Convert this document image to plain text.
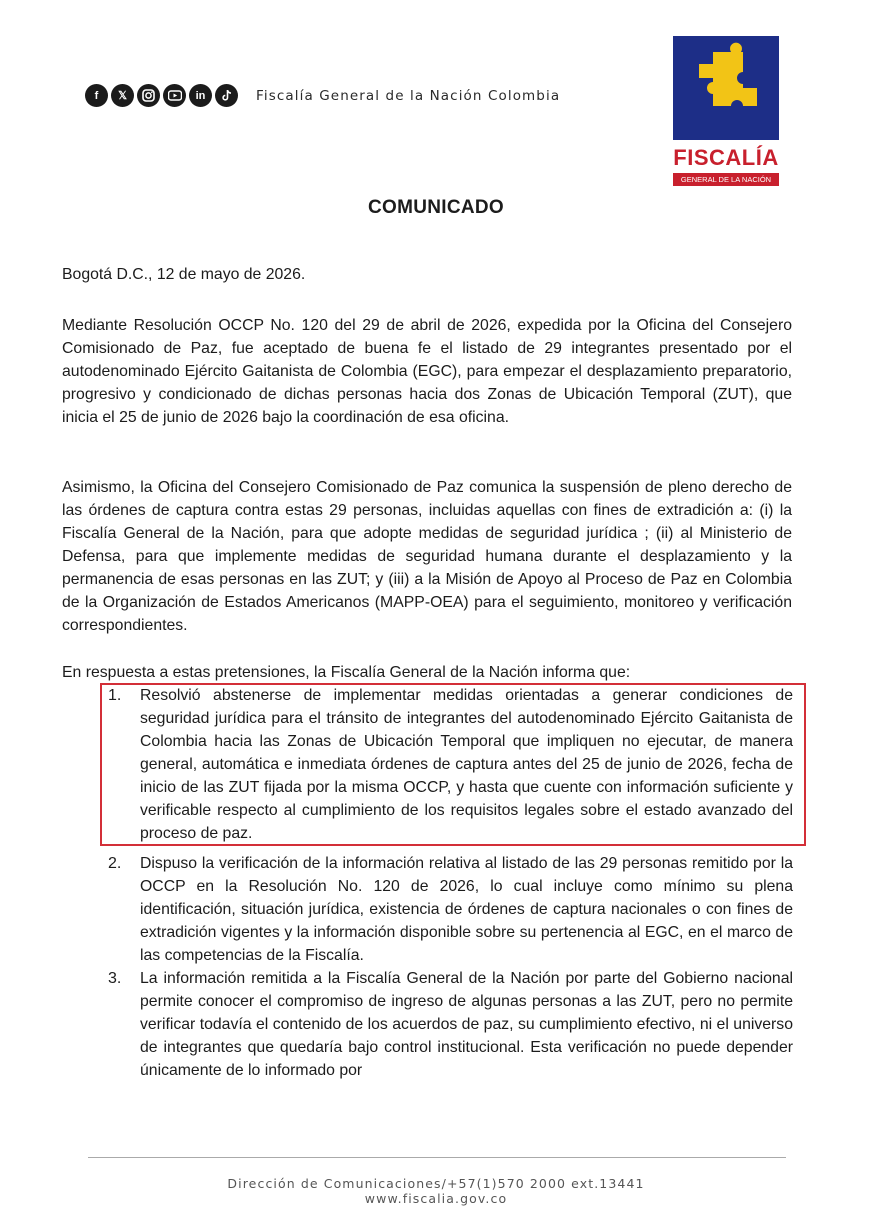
f	𝕏	in	Fiscalía General de la Nación Colombia
FISCALÍA
GENERAL DE LA NACIÓN
COMUNICADO
Bogotá D.C., 12 de mayo de 2026.

Mediante Resolución OCCP No. 120 del 29 de abril de 2026, expedida por la Oficina del Consejero Comisionado de Paz, fue aceptado de buena fe el listado de 29 integrantes presentado por el autodenominado Ejército Gaitanista de Colombia (EGC), para empezar el desplazamiento preparatorio, progresivo y condicionado de dichas personas hacia dos Zonas de Ubicación Temporal (ZUT), que inicia el 25 de junio de 2026 bajo la coordinación de esa oficina.

Asimismo, la Oficina del Consejero Comisionado de Paz comunica la suspensión de pleno derecho de las órdenes de captura contra estas 29 personas, incluidas aquellas con fines de extradición a: (i) la Fiscalía General de la Nación, para que adopte medidas de seguridad jurídica ; (ii) al Ministerio de Defensa, para que implemente medidas de seguridad humana durante el desplazamiento y la permanencia de esas personas en las ZUT; y (iii) a la Misión de Apoyo al Proceso de Paz en Colombia de la Organización de Estados Americanos (MAPP-OEA) para el seguimiento, monitoreo y verificación correspondientes.

En respuesta a estas pretensiones, la Fiscalía General de la Nación informa que:

1. Resolvió abstenerse de implementar medidas orientadas a generar condiciones de seguridad jurídica para el tránsito de integrantes del autodenominado Ejército Gaitanista de Colombia hacia las Zonas de Ubicación Temporal que impliquen no ejecutar, de manera general, automática e inmediata órdenes de captura antes del 25 de junio de 2026, fecha de inicio de las ZUT fijada por la misma OCCP, y hasta que cuente con información suficiente y verificable respecto al cumplimiento de los requisitos legales sobre el estado avanzado del proceso de paz.

2. Dispuso la verificación de la información relativa al listado de las 29 personas remitido por la OCCP en la Resolución No. 120 de 2026, lo cual incluye como mínimo su plena identificación, situación jurídica, existencia de órdenes de captura nacionales o con fines de extradición vigentes y la información disponible sobre su pertenencia al EGC, en el marco de las competencias de la Fiscalía.

3. La información remitida a la Fiscalía General de la Nación por parte del Gobierno nacional permite conocer el compromiso de ingreso de algunas personas a las ZUT, pero no permite verificar todavía el contenido de los acuerdos de paz, su cumplimiento efectivo, ni el universo de integrantes que quedaría bajo control institucional. Esta verificación no puede depender únicamente de lo informado por

Dirección de Comunicaciones/+57(1)570 2000 ext.13441
www.fiscalia.gov.co
